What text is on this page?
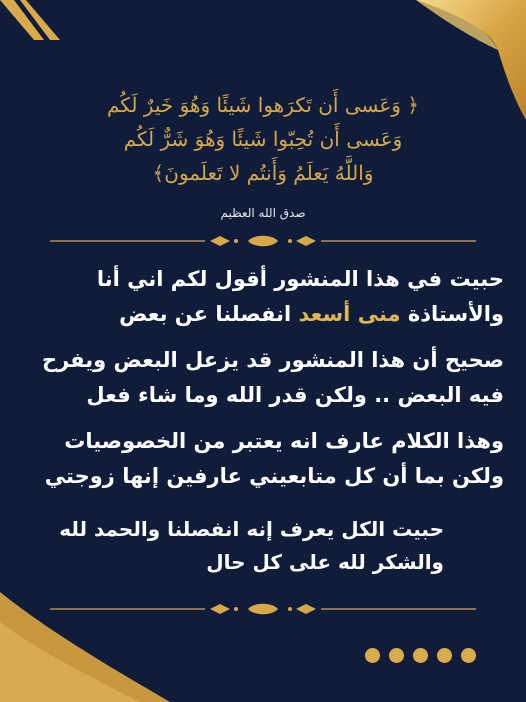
﴿ وَعَسى أَن تَكرَهوا شَيئًا وَهُوَ خَيرٌ لَكُم
وَعَسى أَن تُحِبّوا شَيئًا وَهُوَ شَرٌّ لَكُم
وَاللَّهُ يَعلَمُ وَأَنتُم لا تَعلَمونَ﴾
صدق الله العظيم
حبيت في هذا المنشور أقول لكم اني أنا
والأستاذة منى أسعد انفصلنا عن بعض
صحيح أن هذا المنشور قد يزعل البعض ويفرح
فيه البعض .. ولكن قدر الله وما شاء فعل
وهذا الكلام عارف انه يعتبر من الخصوصيات
ولكن بما أن كل متابعيني عارفين إنها زوجتي
حبيت الكل يعرف إنه انفصلنا والحمد لله
والشكر لله على كل حال
